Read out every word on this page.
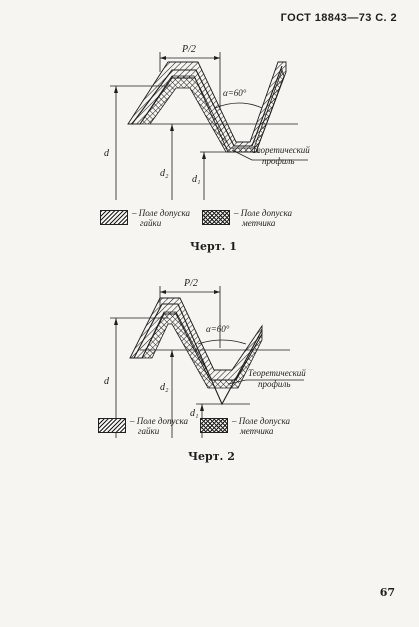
ГОСТ 18843—73 С. 2
P/2
α=60°
Теоретический
профиль
d
d₂
d₁
– Поле допуска
гайки
– Поле допуска
метчика
Черт. 1
P/2
α=60°
Теоретический
профиль
d
d₂
d₁
– Поле допуска
гайки
– Поле допуска
метчика
Черт. 2
67
